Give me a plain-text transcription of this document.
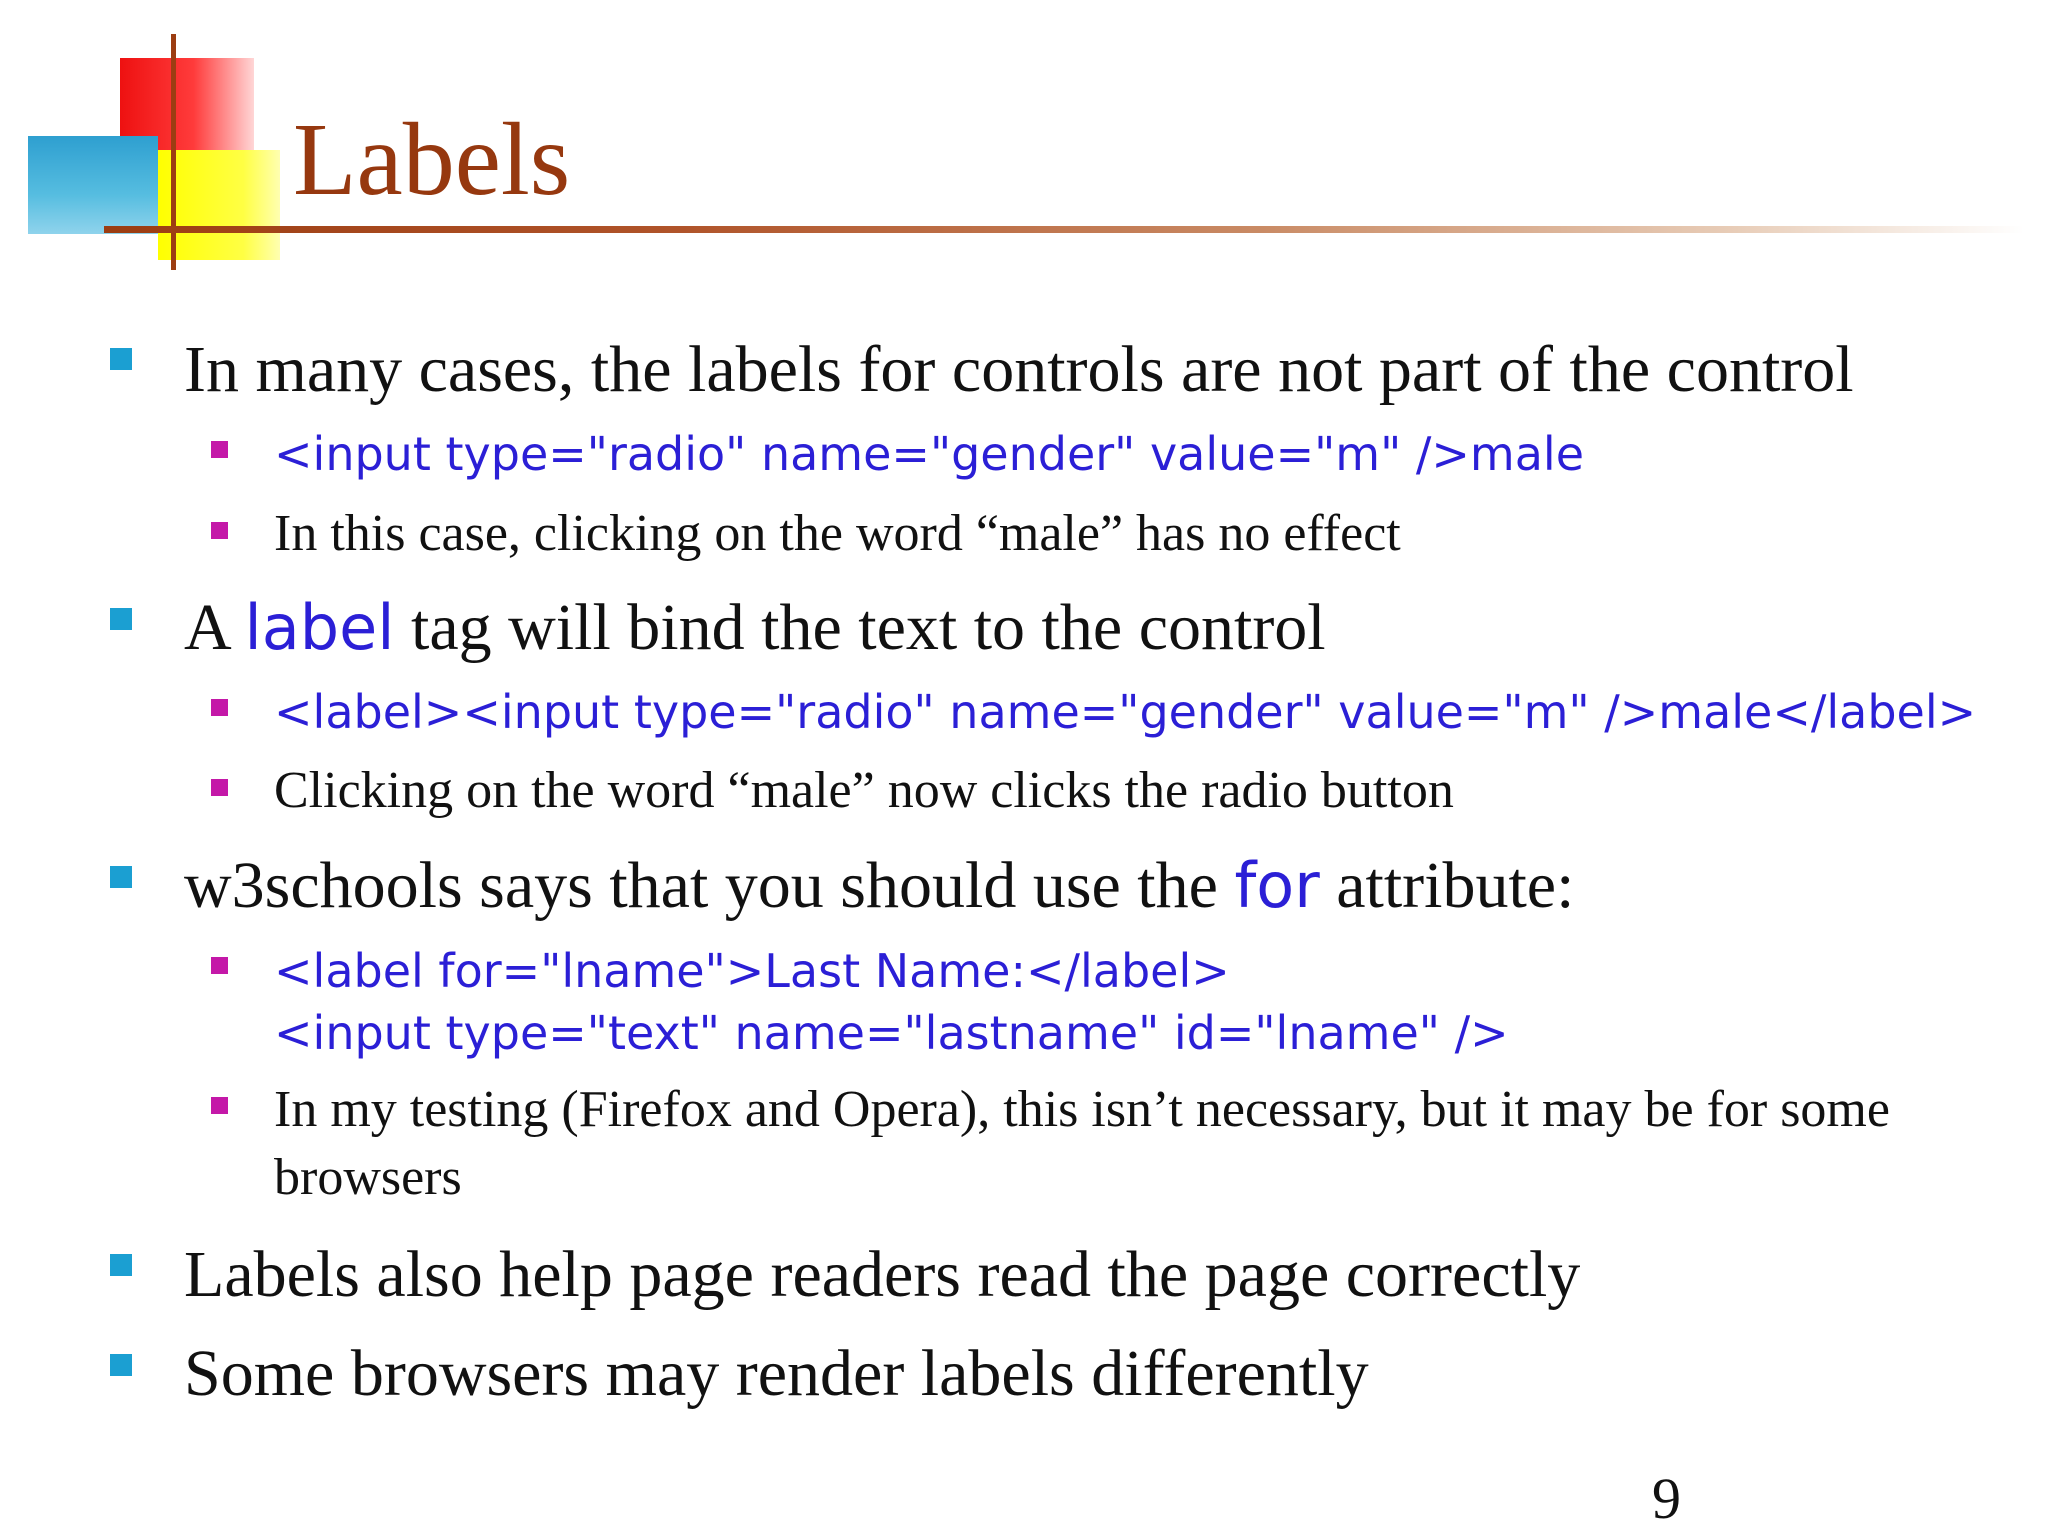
Labels

In many cases, the labels for controls are not part of the control

<input type="radio" name="gender" value="m" />male

In this case, clicking on the word “male” has no effect

A label tag will bind the text to the control

<label><input type="radio" name="gender" value="m" />male</label>

Clicking on the word “male” now clicks the radio button

w3schools says that you should use the for attribute:

<label for="lname">Last Name:</label>
<input type="text" name="lastname" id="lname" />

In my testing (Firefox and Opera), this isn’t necessary, but it may be for some browsers

Labels also help page readers read the page correctly

Some browsers may render labels differently

9
